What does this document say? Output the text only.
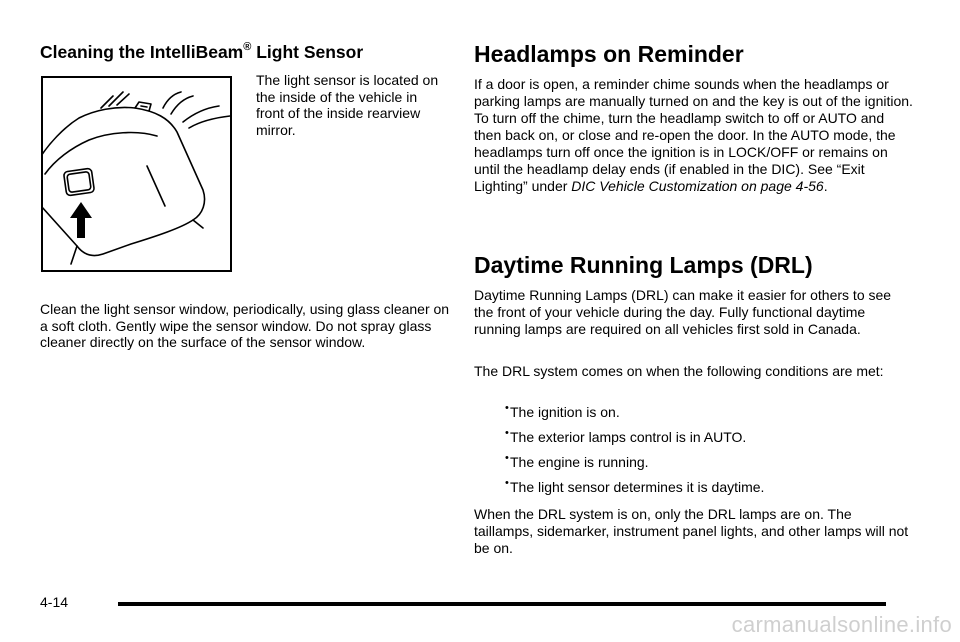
Cleaning the IntelliBeam® Light Sensor

The light sensor is located on the inside of the vehicle in front of the inside rearview mirror.

Clean the light sensor window, periodically, using glass cleaner on a soft cloth. Gently wipe the sensor window. Do not spray glass cleaner directly on the surface of the sensor window.

Headlamps on Reminder

If a door is open, a reminder chime sounds when the headlamps or parking lamps are manually turned on and the key is out of the ignition. To turn off the chime, turn the headlamp switch to off or AUTO and then back on, or close and re-open the door. In the AUTO mode, the headlamps turn off once the ignition is in LOCK/OFF or remains on until the headlamp delay ends (if enabled in the DIC). See “Exit Lighting” under DIC Vehicle Customization on page 4‑56.

Daytime Running Lamps (DRL)

Daytime Running Lamps (DRL) can make it easier for others to see the front of your vehicle during the day. Fully functional daytime running lamps are required on all vehicles first sold in Canada.

The DRL system comes on when the following conditions are met:

• The ignition is on.
• The exterior lamps control is in AUTO.
• The engine is running.
• The light sensor determines it is daytime.

When the DRL system is on, only the DRL lamps are on. The taillamps, sidemarker, instrument panel lights, and other lamps will not be on.

4-14

carmanualsonline.info
